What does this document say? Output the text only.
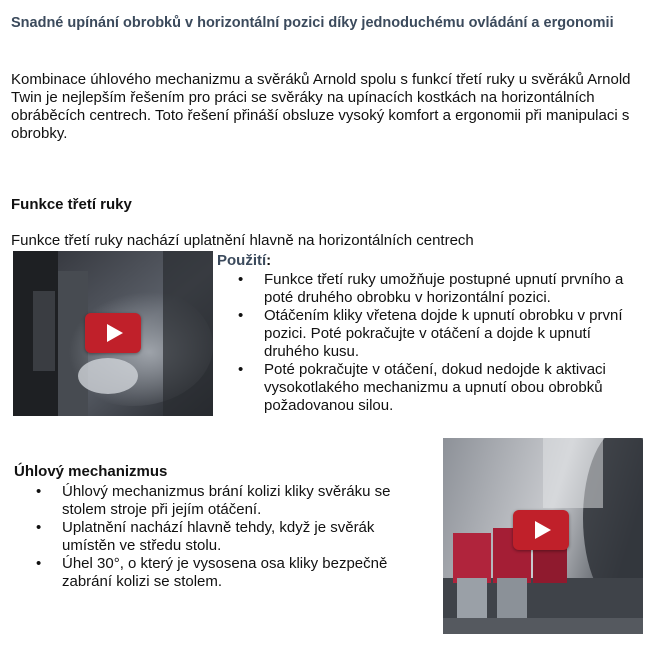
Snadné upínání obrobků v horizontální pozici díky jednoduchému ovládání a ergonomii
Kombinace úhlového mechanizmu a svěráků Arnold spolu s funkcí třetí ruky u svěráků Arnold Twin je nejlepším řešením pro práci se svěráky na upínacích kostkách na horizontálních obráběcích centrech. Toto řešení přináší obsluze vysoký komfort a ergonomii při manipulaci s obrobky.
Funkce třetí ruky
Funkce třetí ruky nachází uplatnění hlavně na horizontálních centrech
Použití:
• Funkce třetí ruky umožňuje postupné upnutí prvního a poté druhého obrobku v horizontální pozici.
• Otáčením kliky vřetena dojde k upnutí obrobku v první pozici. Poté pokračujte v otáčení a dojde k upnutí druhého kusu.
• Poté pokračujte v otáčení, dokud nedojde k aktivaci vysokotlakého mechanizmu a upnutí obou obrobků požadovanou silou.
Úhlový mechanizmus
• Úhlový mechanizmus brání kolizi kliky svěráku se stolem stroje při jejím otáčení.
• Uplatnění nachází hlavně tehdy, když je svěrák umístěn ve středu stolu.
• Úhel 30°, o který je vysosena osa kliky bezpečně zabrání kolizi se stolem.
